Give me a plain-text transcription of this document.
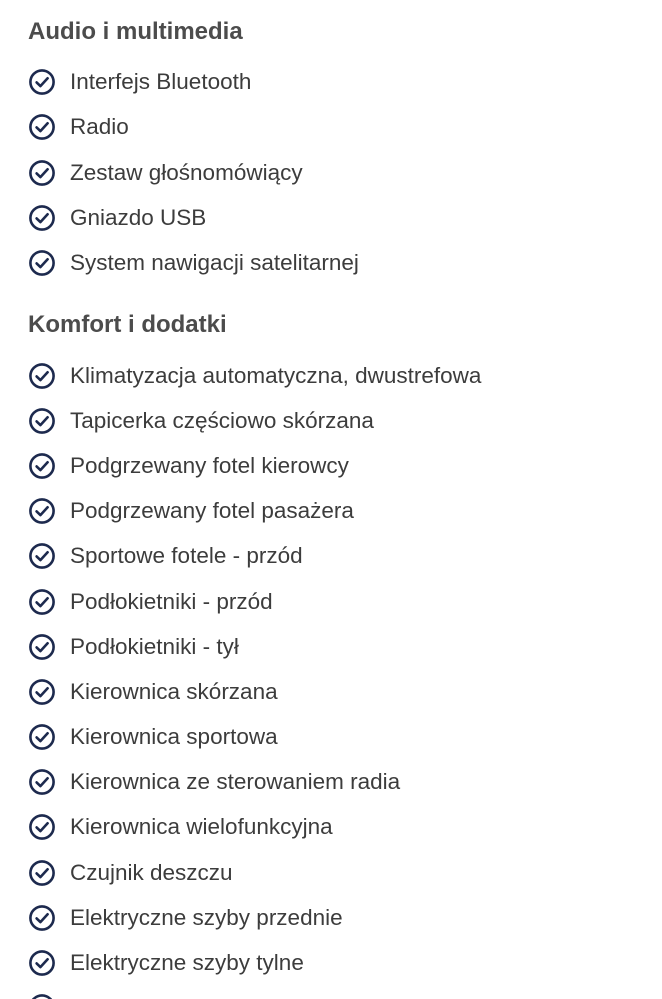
Audio i multimedia
Interfejs Bluetooth
Radio
Zestaw głośnomówiący
Gniazdo USB
System nawigacji satelitarnej
Komfort i dodatki
Klimatyzacja automatyczna, dwustrefowa
Tapicerka częściowo skórzana
Podgrzewany fotel kierowcy
Podgrzewany fotel pasażera
Sportowe fotele - przód
Podłokietniki - przód
Podłokietniki - tył
Kierownica skórzana
Kierownica sportowa
Kierownica ze sterowaniem radia
Kierownica wielofunkcyjna
Czujnik deszczu
Elektryczne szyby przednie
Elektryczne szyby tylne
